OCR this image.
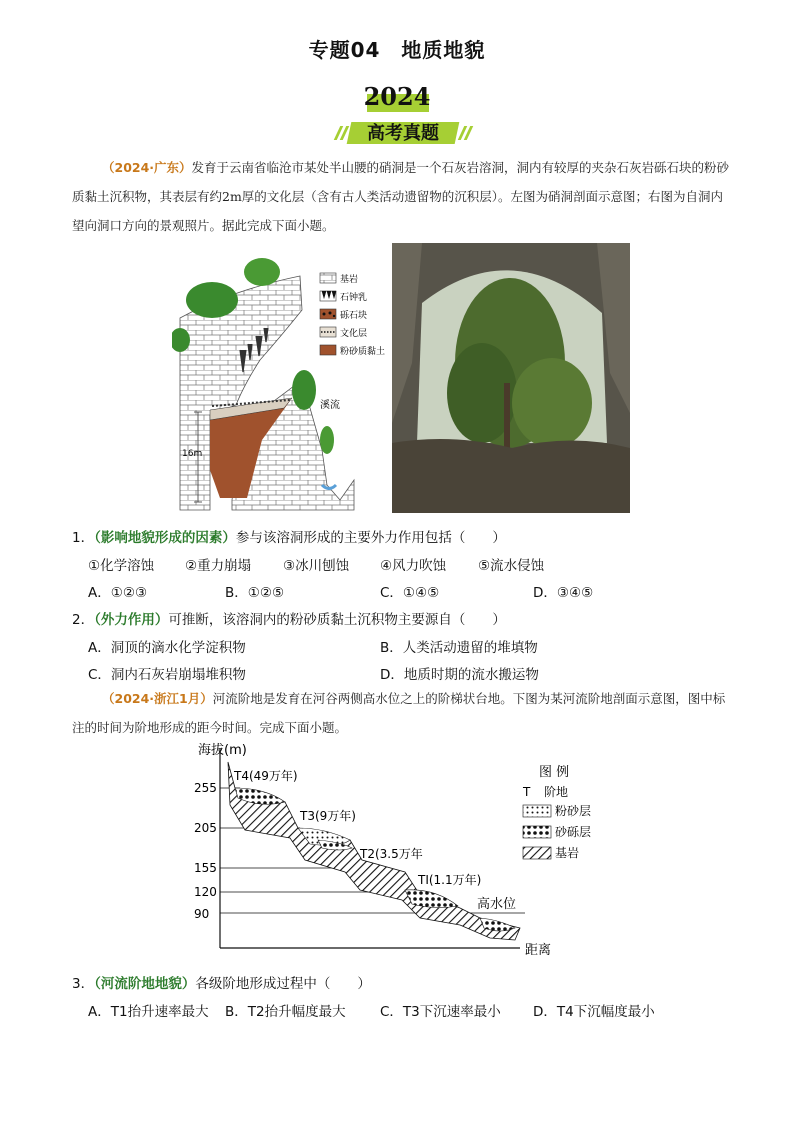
专题04　地质地貌
2024
高考真题
（2024·广东）发育于云南省临沧市某处半山腰的硝洞是一个石灰岩溶洞，洞内有较厚的夹杂石灰岩砾石块的粉砂质黏土沉积物，其表层有约2m厚的文化层（含有古人类活动遗留物的沉积层）。左图为硝洞剖面示意图；右图为自洞内望向洞口方向的景观照片。据此完成下面小题。
16m
溪流
基岩
石钟乳
砾石块
文化层
粉砂质黏土
1．（影响地貌形成的因素）参与该溶洞形成的主要外力作用包括（　　）
①化学溶蚀 ②重力崩塌 ③冰川刨蚀 ④风力吹蚀 ⑤流水侵蚀
A．①②③	B．①②⑤	C．①④⑤	D．③④⑤
2．（外力作用）可推断，该溶洞内的粉砂质黏土沉积物主要源自（　　）
A．洞顶的滴水化学淀积物	B．人类活动遗留的堆填物
C．洞内石灰岩崩塌堆积物	D．地质时期的流水搬运物
（2024·浙江1月）河流阶地是发育在河谷两侧高水位之上的阶梯状台地。下图为某河流阶地剖面示意图，图中标注的时间为阶地形成的距今时间。完成下面小题。
海拔(m)
距离
255
205
155
120
90
T4(49万年)
T3(9万年)
T2(3.5万年
TI(1.1万年)
高水位
图 例
T 阶地
粉砂层
砂砾层
基岩
3．（河流阶地地貌）各级阶地形成过程中（　　）
A．T1抬升速率最大 B．T2抬升幅度最大	C．T3下沉速率最小 D．T4下沉幅度最小
